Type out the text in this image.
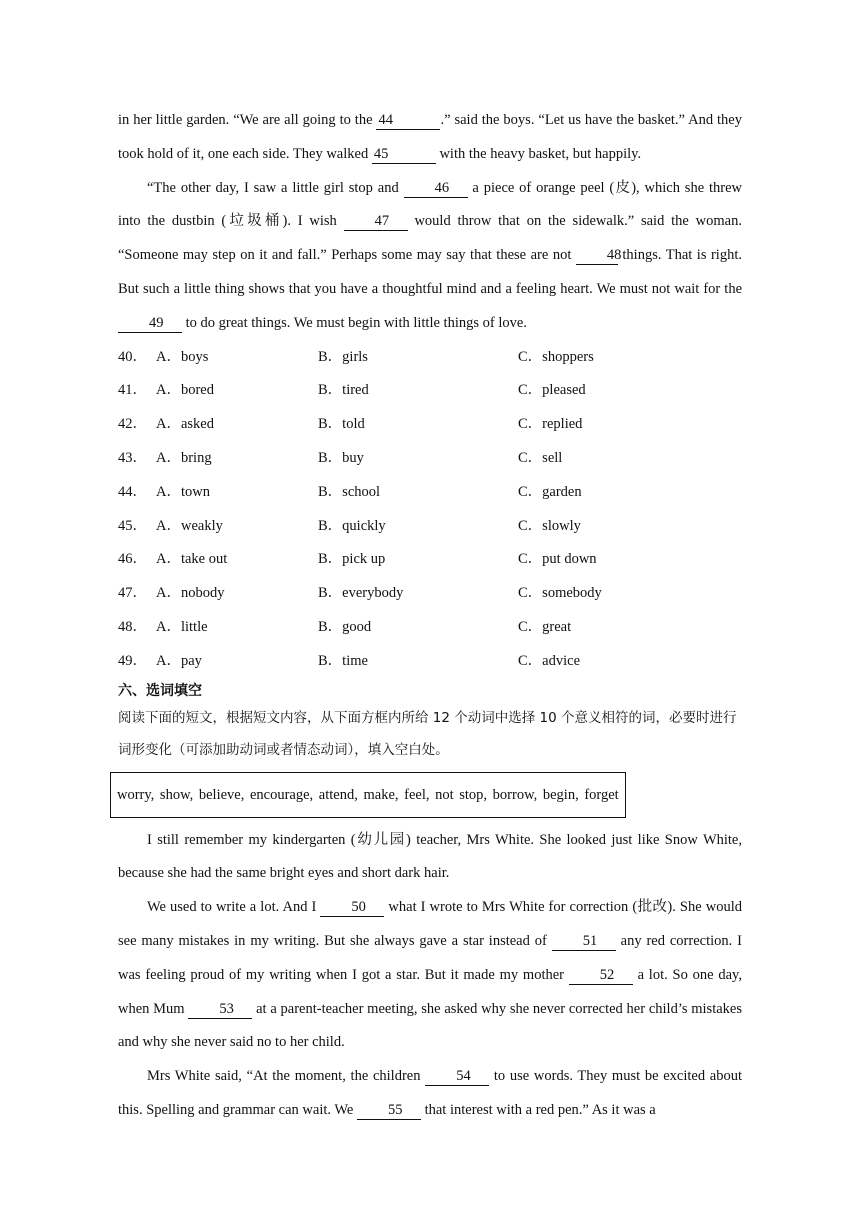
in her little garden. “We are all going to the 44	.” said the boys. “Let us have the basket.” And they took hold of it, one each side. They walked 45	with the heavy basket, but happily.

“The other day, I saw a little girl stop and 46 a piece of orange peel (皮), which she threw into the dustbin (垃圾桶). I wish 47 would throw that on the sidewalk.” said the woman. “Someone may step on it and fall.” Perhaps some may say that these are not 48 things. That is right. But such a little thing shows that you have a thoughtful mind and a feeling heart. We must not wait for the 49 to do great things. We must begin with little things of love.

40． A．boys	B．girls	C．shoppers
41． A．bored	B．tired	C．pleased
42． A．asked	B．told	C．replied
43． A．bring	B．buy	C．sell
44． A．town	B．school	C．garden
45． A．weakly	B．quickly	C．slowly
46． A．take out	B．pick up	C．put down
47． A．nobody	B．everybody	C．somebody
48． A．little	B．good	C．great
49． A．pay	B．time	C．advice
六、选词填空

阅读下面的短文，根据短文内容，从下面方框内所给 12 个动词中选择 10 个意义相符的词，必要时进行词形变化（可添加助动词或者情态动词），填入空白处。

worry, show, believe, encourage, attend, make, feel, not stop, borrow, begin, forget

I still remember my kindergarten (幼儿园) teacher, Mrs White. She looked just like Snow White, because she had the same bright eyes and short dark hair.

We used to write a lot. And I 50 what I wrote to Mrs White for correction (批改). She would see many mistakes in my writing. But she always gave a star instead of 51 any red correction. I was feeling proud of my writing when I got a star. But it made my mother 52 a lot. So one day, when Mum 53 at a parent-teacher meeting, she asked why she never corrected her child’s mistakes and why she never said no to her child.

Mrs White said, “At the moment, the children 54 to use words. They must be excited about this. Spelling and grammar can wait. We 55 that interest with a red pen.” As it was a
